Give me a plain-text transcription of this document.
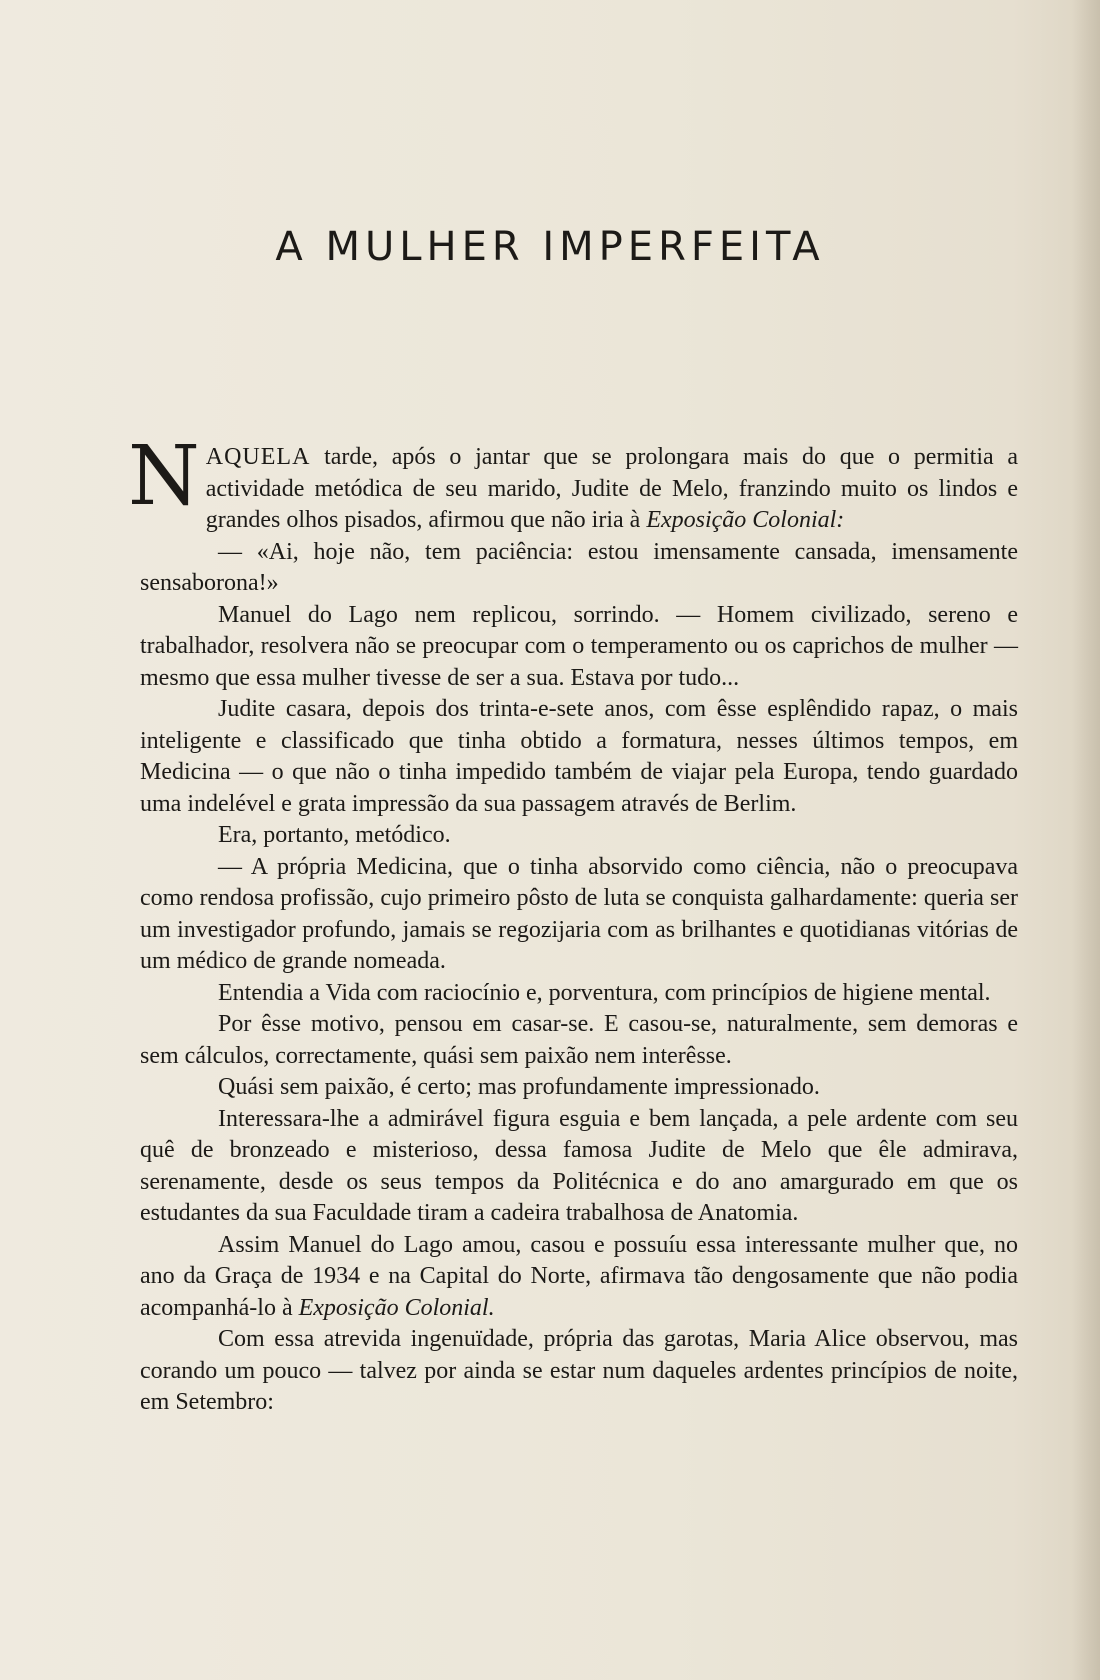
A MULHER IMPERFEITA

NAQUELA tarde, após o jantar que se prolongara mais do que o permitia a actividade metódica de seu marido, Judite de Melo, franzindo muito os lindos e grandes olhos pisados, afirmou que não iria à Exposição Colonial:

— «Ai, hoje não, tem paciência: estou imensamente cansada, imensamente sensaborona!»

Manuel do Lago nem replicou, sorrindo. — Homem civilizado, sereno e trabalhador, resolvera não se preocupar com o temperamento ou os caprichos de mulher — mesmo que essa mulher tivesse de ser a sua. Estava por tudo...

Judite casara, depois dos trinta-e-sete anos, com êsse esplêndido rapaz, o mais inteligente e classificado que tinha obtido a formatura, nesses últimos tempos, em Medicina — o que não o tinha impedido também de viajar pela Europa, tendo guardado uma indelével e grata impressão da sua passagem através de Berlim.

Era, portanto, metódico.

— A própria Medicina, que o tinha absorvido como ciência, não o preocupava como rendosa profissão, cujo primeiro pôsto de luta se conquista galhardamente: queria ser um investigador profundo, jamais se regozijaria com as brilhantes e quotidianas vitórias de um médico de grande nomeada.

Entendia a Vida com raciocínio e, porventura, com princípios de higiene mental.

Por êsse motivo, pensou em casar-se. E casou-se, naturalmente, sem demoras e sem cálculos, correctamente, quási sem paixão nem interêsse.

Quási sem paixão, é certo; mas profundamente impressionado.

Interessara-lhe a admirável figura esguia e bem lançada, a pele ardente com seu quê de bronzeado e misterioso, dessa famosa Judite de Melo que êle admirava, serenamente, desde os seus tempos da Politécnica e do ano amargurado em que os estudantes da sua Faculdade tiram a cadeira trabalhosa de Anatomia.

Assim Manuel do Lago amou, casou e possuíu essa interessante mulher que, no ano da Graça de 1934 e na Capital do Norte, afirmava tão dengosamente que não podia acompanhá-lo à Exposição Colonial.

Com essa atrevida ingenuïdade, própria das garotas, Maria Alice observou, mas corando um pouco — talvez por ainda se estar num daqueles ardentes princípios de noite, em Setembro:
